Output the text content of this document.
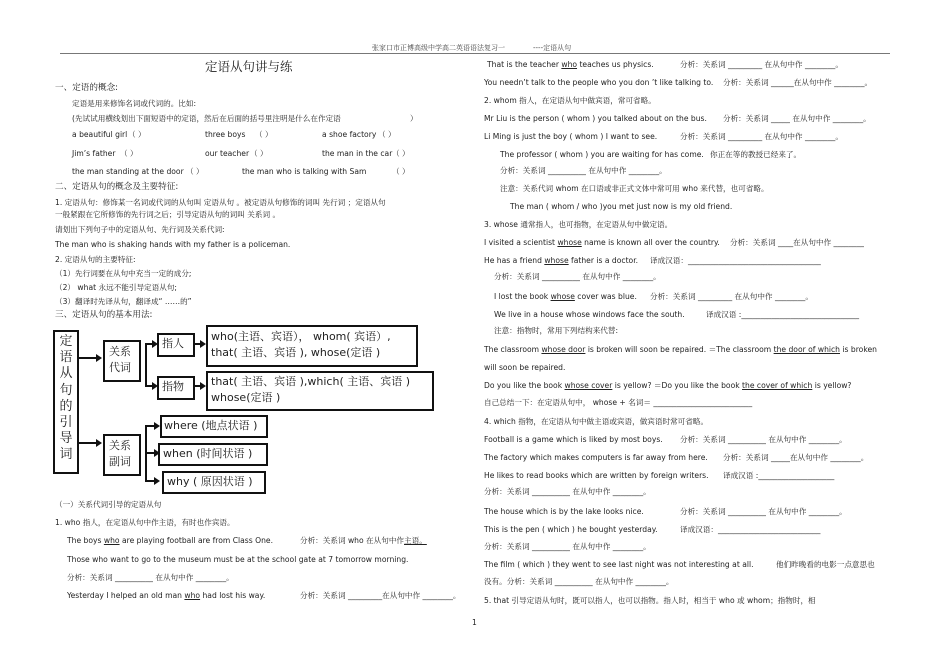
张家口市正博高级中学高二英语语法复习一	----定语从句
定语从句讲与练
一、定语的概念:
定语是用来修饰名词或代词的。比如:
(先试试用横线划出下面短语中的定语，然后在后面的括号里注明是什么在作定语	）
a beautiful girl （ ）	three boys （ ）	a shoe factory （ ）
Jim’s father （ ）	our teacher （ ）	the man in the car （ ）
the man standing at the door （ ）	the man who is talking with Sam	（ ）
二、定语从句的概念及主要特征:
1. 定语从句：修饰某一名词或代词的从句叫 定语从句 。被定语从句修饰的词叫 先行词 ；定语从句
一般紧跟在它所修饰的先行词之后；引导定语从句的词叫 关系词 。
请划出下列句子中的定语从句、先行词及关系代词:
The man who is shaking hands with my father is a policeman.
2. 定语从句的主要特征:
（1）先行词要在从句中充当一定的成分;
（2） what 永远不能引导定语从句;
（3）翻译时先译从句，翻译成“ ……的”
三、定语从句的基本用法:
定
语
从
句
的
引
导
词
关系
代词
关系
副词
指人
指物
who(主语、宾语）， whom( 宾语）,
that( 主语、宾语 ), whose(定语 )
that( 主语、宾语 ),which( 主语、宾语 )
whose(定语 )
where (地点状语 )
when (时间状语 )
why ( 原因状语 )
（一）关系代词引导的定语从句
1. who 指人，在定语从句中作主语，有时也作宾语。
The boys who are playing football are from Class One.	分析：关系词 who 在从句中作主语。
Those who want to go to the museum must be at the school gate at 7 tomorrow morning.
分析：关系词 __________ 在从句中作 ________。
Yesterday I helped an old man who had lost his way.	分析：关系词 _________在从句中作 ________。
That is the teacher who teaches us physics.	分析：关系词 _________ 在从句中作 ________。
You needn’t talk to the people who you don ’t like talking to. 分析：关系词 ______在从句中作 ________。
2. whom 指人，在定语从句中做宾语，常可省略。
Mr Liu is the person ( whom ) you talked about on the bus. 分析：关系词 _____ 在从句中作 ________。
Li Ming is just the boy ( whom ) I want to see.	分析：关系词 _________ 在从句中作 ________。
The professor ( whom ) you are waiting for has come. 你正在等的教授已经来了。
分析：关系词 __________ 在从句中作 ________。
注意：关系代词 whom 在口语或非正式文体中常可用 who 来代替，也可省略。
The man ( whom / who )you met just now is my old friend.
3. whose 通常指人，也可指物，在定语从句中做定语。
I visited a scientist whose name is known all over the country. 分析：关系词 ____在从句中作 ________
He has a friend whose father is a doctor. 译成汉语：___________________________________
分析：关系词 __________ 在从句中作 ________。
I lost the book whose cover was blue. 分析：关系词 _________ 在从句中作 ________。
We live in a house whose windows face the south.	译成汉语 :_______________________________
注意：指物时，常用下列结构来代替:
The classroom whose door is broken will soon be repaired. ＝The classroom the door of which is broken
will soon be repaired.
Do you like the book whose cover is yellow? ＝Do you like the book the cover of which is yellow?
自己总结一下：在定语从句中， whose + 名词＝ __________________________
4. which 指物，在定语从句中做主语或宾语，做宾语时常可省略。
Football is a game which is liked by most boys. 分析：关系词 __________ 在从句中作 ________。
The factory which makes computers is far away from here. 分析：关系词 _____在从句中作 ________。
He likes to read books which are written by foreign writers. 译成汉语 :____________________
分析：关系词 __________ 在从句中作 ________。
The house which is by the lake looks nice.	分析：关系词 __________ 在从句中作 ________。
This is the pen ( which ) he bought yesterday.	译成汉语：___________________________
分析：关系词 __________ 在从句中作 ________。
The film ( which ) they went to see last night was not interesting at all.	他们昨晚看的电影一点意思也
没有。分析：关系词 __________ 在从句中作 ________。
5. that 引导定语从句时，既可以指人，也可以指物。指人时，相当于 who 或 whom；指物时，相
1
